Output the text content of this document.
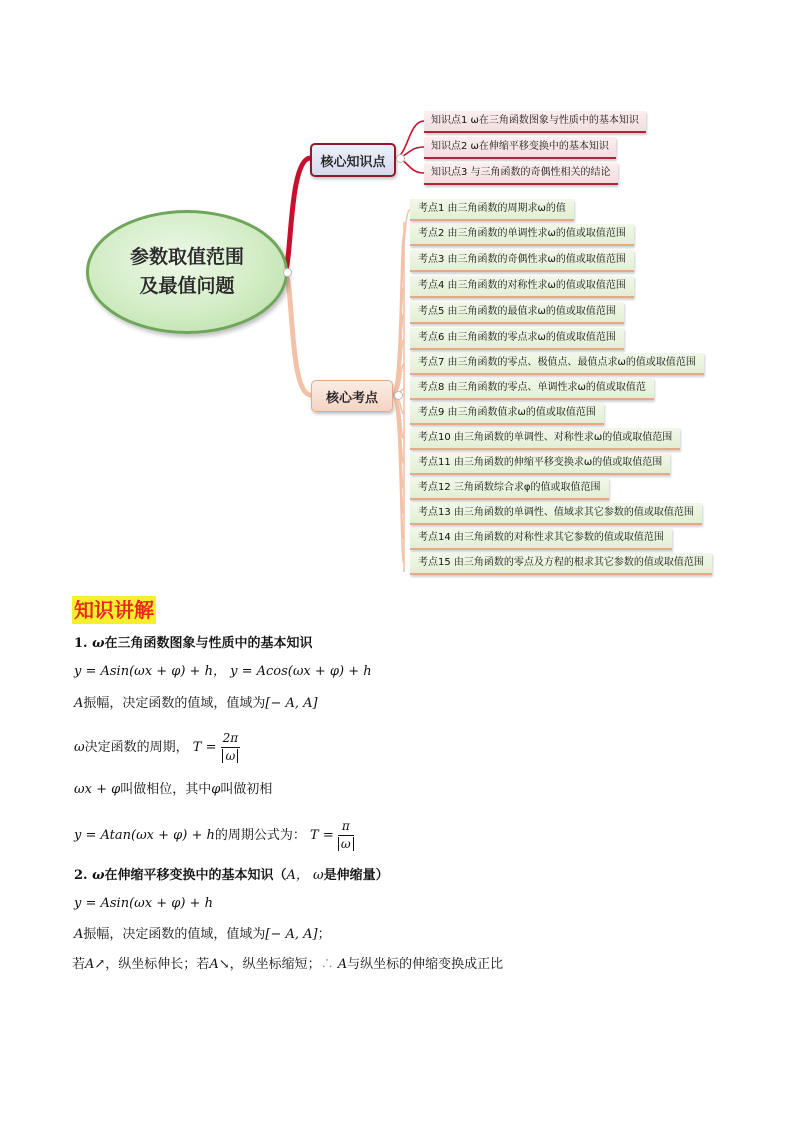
参数取值范围
及最值问题
核心知识点
核心考点
知识点1 ω在三角函数图象与性质中的基本知识
知识点2 ω在伸缩平移变换中的基本知识
知识点3 与三角函数的奇偶性相关的结论
考点1 由三角函数的周期求ω的值
考点2 由三角函数的单调性求ω的值或取值范围
考点3 由三角函数的奇偶性求ω的值或取值范围
考点4 由三角函数的对称性求ω的值或取值范围
考点5 由三角函数的最值求ω的值或取值范围
考点6 由三角函数的零点求ω的值或取值范围
考点7 由三角函数的零点、极值点、最值点求ω的值或取值范围
考点8 由三角函数的零点、单调性求ω的值或取值范
考点9 由三角函数值求ω的值或取值范围
考点10 由三角函数的单调性、对称性求ω的值或取值范围
考点11 由三角函数的伸缩平移变换求ω的值或取值范围
考点12 三角函数综合求φ的值或取值范围
考点13 由三角函数的单调性、值域求其它参数的值或取值范围
考点14 由三角函数的对称性求其它参数的值或取值范围
考点15 由三角函数的零点及方程的根求其它参数的值或取值范围
知识讲解
1. ω在三角函数图象与性质中的基本知识
y = Asin(ωx + φ) + h， y = Acos(ωx + φ) + h
A振幅，决定函数的值域，值域为[− A, A]
ω决定函数的周期， $T = \frac{2\pi}{\omega}$
ωx + φ叫做相位，其中φ叫做初相
y = Atan(ωx + φ) + h的周期公式为： $T = \frac{\pi}{\omega}$
2. ω在伸缩平移变换中的基本知识（A， ω是伸缩量）
y = Asin(ωx + φ) + h
A振幅，决定函数的值域，值域为[− A, A]；
若A↗，纵坐标伸长；若A↘，纵坐标缩短；∴ A与纵坐标的伸缩变换成正比
